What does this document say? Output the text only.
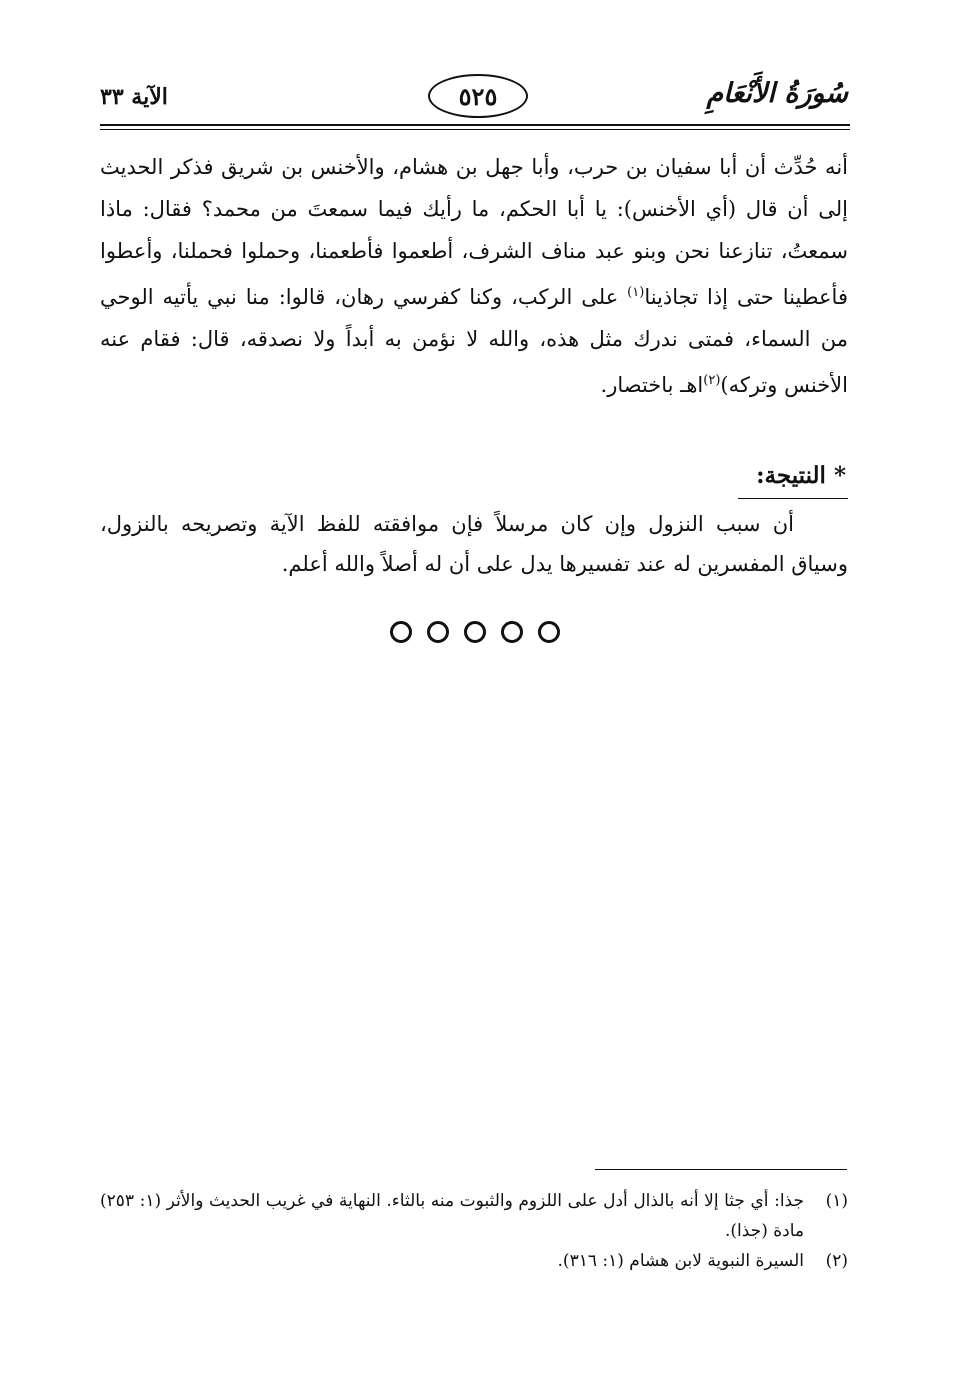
سُورَةُ الأَنْعَامِ
٥٢٥
الآية ٣٣

أنه حُدِّث أن أبا سفيان بن حرب، وأبا جهل بن هشام، والأخنس بن شريق فذكر الحديث إلى أن قال (أي الأخنس): يا أبا الحكم، ما رأيك فيما سمعتَ من محمد؟ فقال: ماذا سمعتُ، تنازعنا نحن وبنو عبد مناف الشرف، أطعموا فأطعمنا، وحملوا فحملنا، وأعطوا فأعطينا حتى إذا تجاذينا$^{(١)}$ على الركب، وكنا كفرسي رهان، قالوا: منا نبي يأتيه الوحي من السماء، فمتى ندرك مثل هذه، والله لا نؤمن به أبداً ولا نصدقه، قال: فقام عنه الأخنس وتركه)$^{(٢)}$اهـ باختصار.

* النتيجة:
أن سبب النزول وإن كان مرسلاً فإن موافقته للفظ الآية وتصريحه بالنزول، وسياق المفسرين له عند تفسيرها يدل على أن له أصلاً والله أعلم.
(١)
جذا: أي جثا إلا أنه بالذال أدل على اللزوم والثبوت منه بالثاء. النهاية في غريب الحديث والأثر (١: ٢٥٣) مادة (جذا).
(٢)
السيرة النبوية لابن هشام (١: ٣١٦).
